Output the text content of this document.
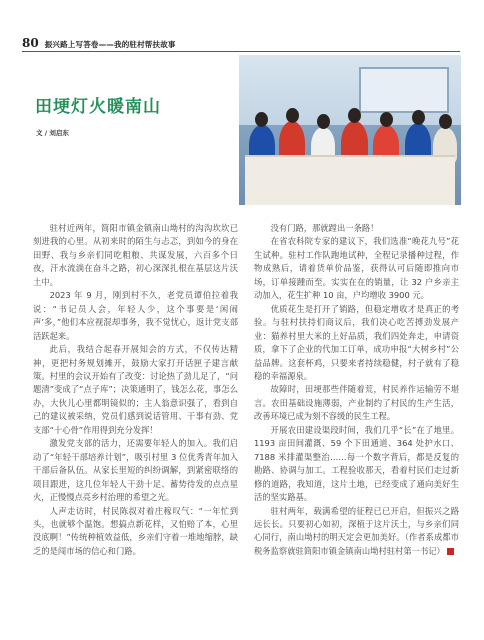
80 振兴路上写答卷——我的驻村帮扶故事
田埂灯火暖南山
文 / 刘启东

驻村近两年，简阳市镇金镇南山坳村的沟沟坎坎已刻进我的心里。从初来时的陌生与忐忑，到如今的身在田野、我与乡亲们同吃粗粮、共谋发展，六百多个日夜，汗水流淌在奋斗之路，初心深深扎根在基层这片沃土中。

2023 年 9 月，刚到村不久，老党员谭伯拉着我说：“书记员人会，年轻人少，这个事要是‘闲闹声’多，”他们本应视混却事务，我不觉忧心，返计党支部活跃起来。

此后，我结合起春开展知会的方式，不仅传达精神，更把村务规划摊开，鼓励大家打开话匣子建言献策。村里的会议开始有了改变：讨论热了劲儿足了，“问题清”变成了“点子库”；决策通明了，钱怎么花，事怎么办，大伙儿心里都明镜似的；主人翁意识强了，看到自己的建议被采纳，党员们感到说话管用、干事有劲、党支部“十心骨”作用得到充分发挥！

激发党支部的活力，还需要年轻人的加入。我们启动了“年轻干部培养计划”，吸引村里 3 位优秀青年加入干部后备队伍。从家长里短的纠纷调解，到紧密联络的项目跟进，这几位年轻人干劲十足、蓄势待发的点点星火，正慢慢点亮乡村治理的希望之光。

人声走访时，村民陈叔对着庄稼叹气：“一年忙到头，也就够个温饱。想搞点新花样，又怕赔了本，心里没底啊！”传统种植效益低，乡亲们守着一堆地缩脖，缺乏的是闯市场的信心和门路。

没有门路，那就蹚出一条路！

在省农科院专家的建议下，我们选准“晚花九号”花生试种。驻村工作队跑地试种，全程记录播种过程，作物成熟后，请着货单价品鉴，获得认可后随即推向市场，订单接踵而至。实实在在的销量，让 32 户乡亲主动加入，花生扩种 10 亩，户均增收 3900 元。

优质花生是打开了销路，但稳定增收才是真正的考验。与驻村扶持们商议后，我们决心吃苦搏劲发展产业：猫养村里大米的上好品质，我们四处奔走，申请资质，拿下了企业的代加工订单，成功申报“大树乡村”公益品牌。这套杯鸡，只要来者持续稳健，村子就有了稳稳的幸福源泉。

故障时，田埂那些伴随着荒，村民养作运输劳不堪言。农田基础设施薄弱，产业制约了村民的生产生活，改善环境已成为刻不容缓的民生工程。

开展农田建设渠段时间，我们几乎“长”在了地里。1193 亩田间灌溉、59 个下田通道、364 处护水口、7188 米排灌渠整治……每一个数字背后，都是反复的勘路、协调与加工。工程验收那天，看着村民们走过新修的道路，我知道，这片土地，已经变成了通向美好生活的坚实路基。

驻村两年，载满希望的征程已已开启，但振兴之路远长长。只要初心如初，深植于这片沃土，与乡亲们同心同行，南山坳村的明天定会更加美好。（作者系成都市税务监察就驻简阳市镇金镇南山坳村驻村第一书记）
